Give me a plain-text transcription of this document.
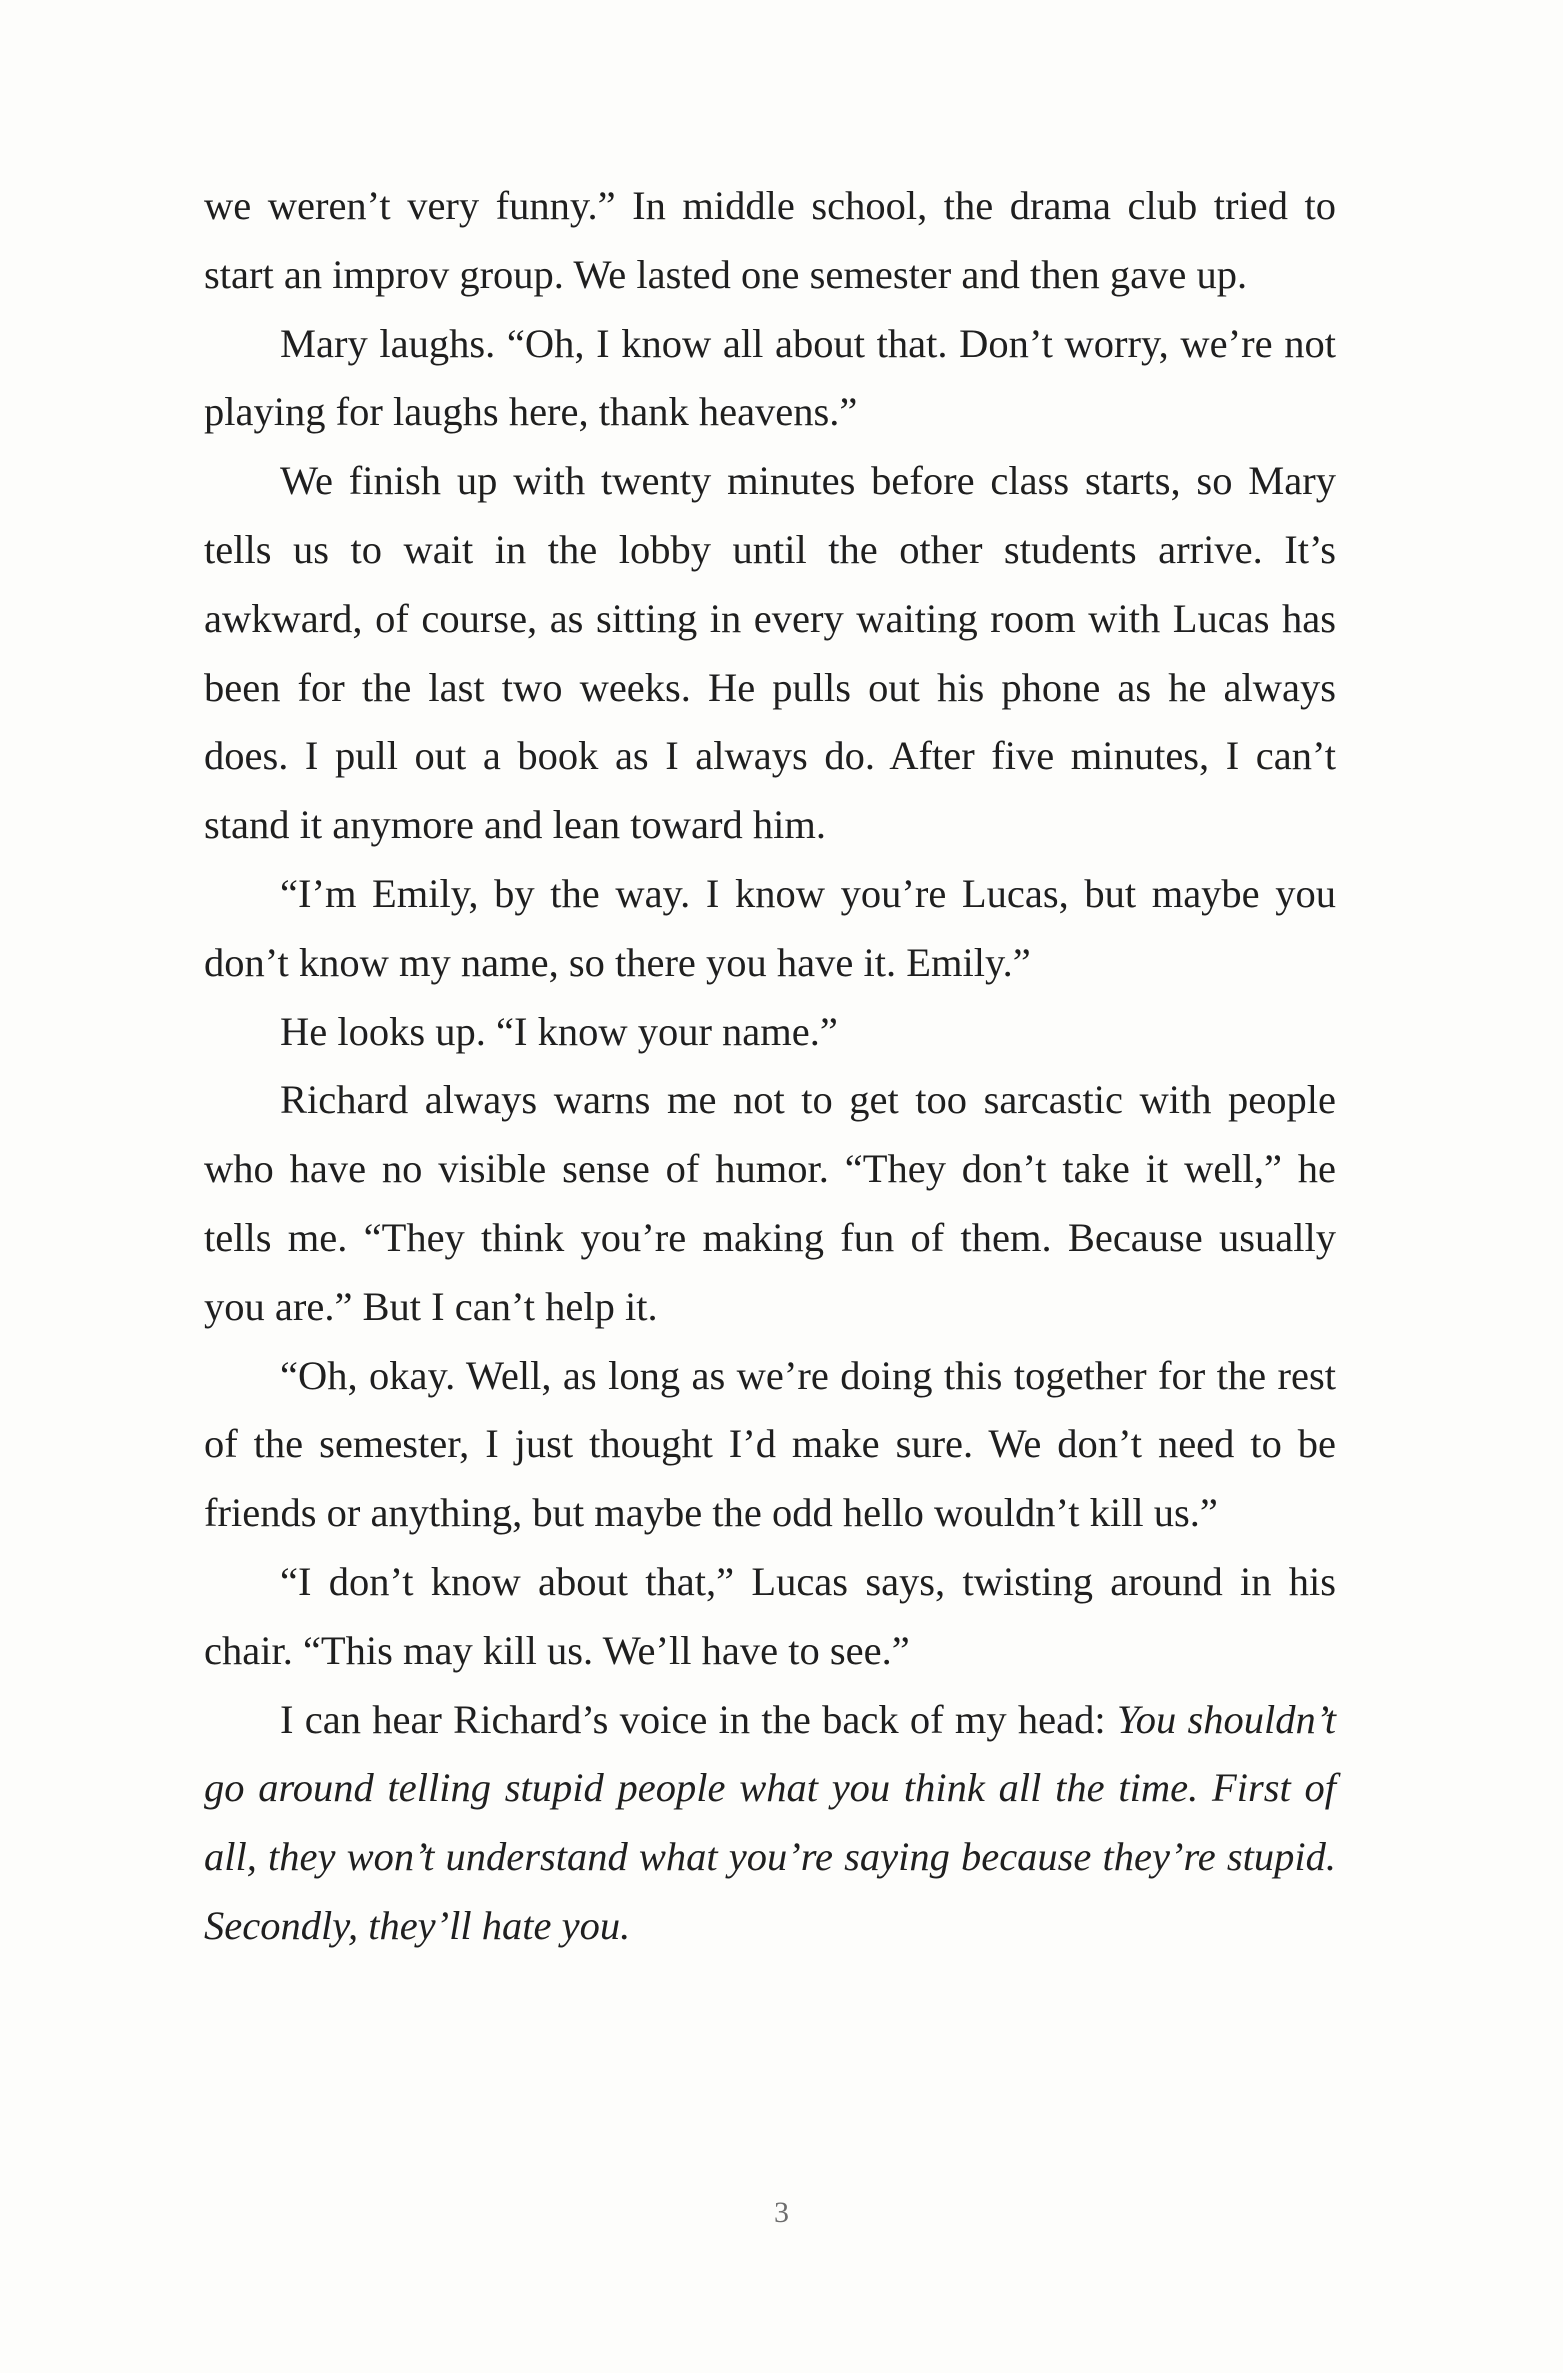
we weren’t very funny.” In middle school, the drama club tried to start an improv group. We lasted one semester and then gave up.

Mary laughs. “Oh, I know all about that. Don’t worry, we’re not playing for laughs here, thank heavens.”

We finish up with twenty minutes before class starts, so Mary tells us to wait in the lobby until the other students arrive. It’s awkward, of course, as sitting in every waiting room with Lucas has been for the last two weeks. He pulls out his phone as he always does. I pull out a book as I always do. After five minutes, I can’t stand it anymore and lean toward him.

“I’m Emily, by the way. I know you’re Lucas, but maybe you don’t know my name, so there you have it. Emily.”

He looks up. “I know your name.”

Richard always warns me not to get too sarcastic with people who have no visible sense of humor. “They don’t take it well,” he tells me. “They think you’re making fun of them. Because usually you are.” But I can’t help it.

“Oh, okay. Well, as long as we’re doing this together for the rest of the semester, I just thought I’d make sure. We don’t need to be friends or anything, but maybe the odd hello wouldn’t kill us.”

“I don’t know about that,” Lucas says, twisting around in his chair. “This may kill us. We’ll have to see.”

I can hear Richard’s voice in the back of my head: You shouldn’t go around telling stupid people what you think all the time. First of all, they won’t understand what you’re saying because they’re stupid. Secondly, they’ll hate you.

3
